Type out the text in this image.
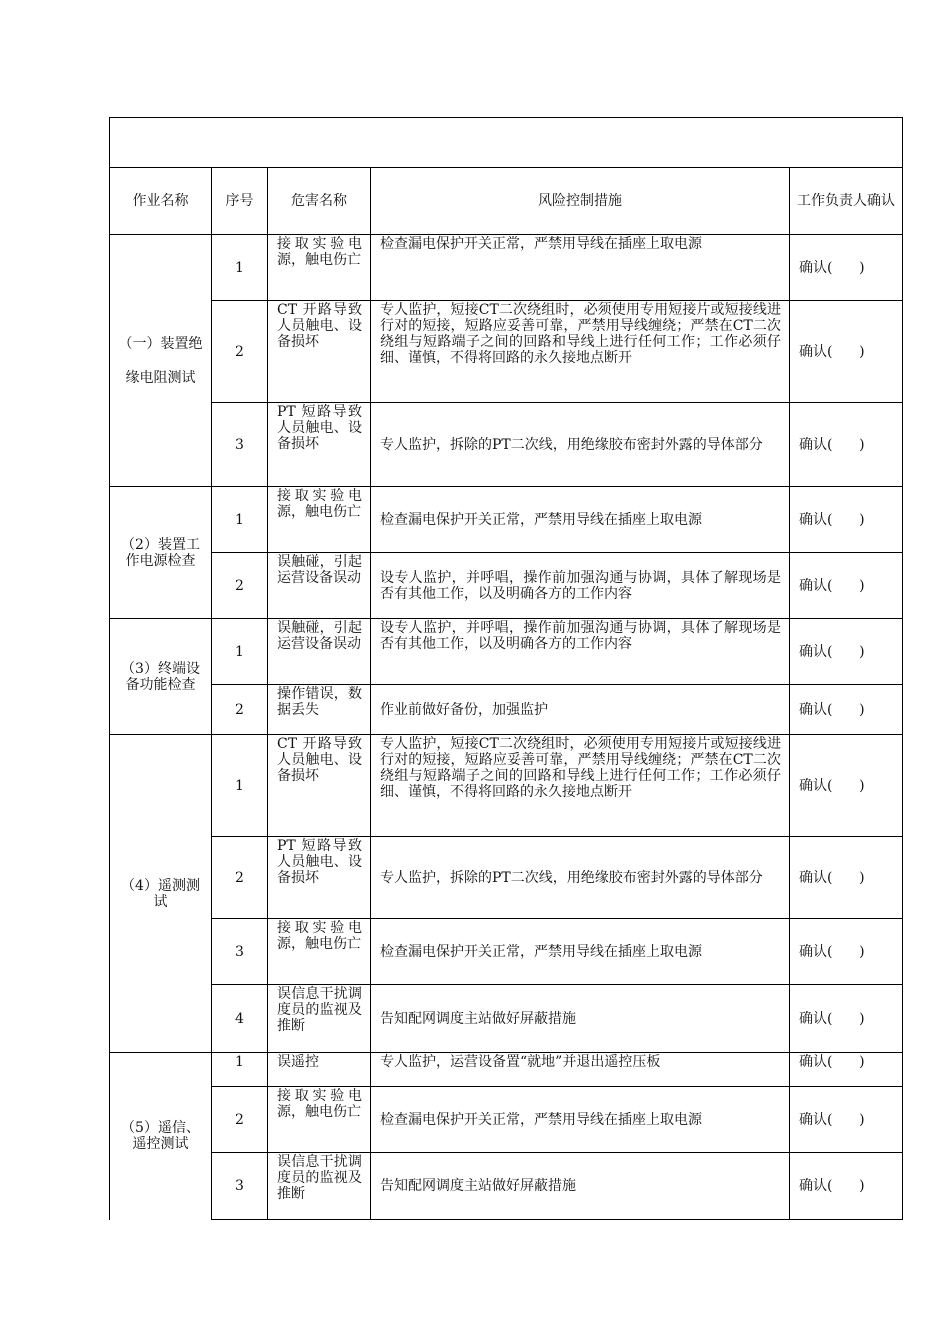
作业名称	序号	危害名称	风险控制措施	工作负责人确认
（一）装置绝缘电阻测试	1	接取实验电源，触电伤亡	检查漏电保护开关正常，严禁用导线在插座上取电源	确认(      )
	2	CT 开路导致人员触电、设备损坏	专人监护，短接CT二次绕组时，必须使用专用短接片或短接线进行对的短接，短路应妥善可靠，严禁用导线缠绕；严禁在CT二次绕组与短路端子之间的回路和导线上进行任何工作；工作必须仔细、谨慎，不得将回路的永久接地点断开	确认(      )
	3	PT 短路导致人员触电、设备损坏	专人监护，拆除的PT二次线，用绝缘胶布密封外露的导体部分	确认(      )
（2）装置工作电源检查	1	接取实验电源，触电伤亡	检查漏电保护开关正常，严禁用导线在插座上取电源	确认(      )
	2	误触碰，引起运营设备误动	设专人监护，并呼唱，操作前加强沟通与协调，具体了解现场是否有其他工作，以及明确各方的工作内容	确认(      )
（3）终端设备功能检查	1	误触碰，引起运营设备误动	设专人监护，并呼唱，操作前加强沟通与协调，具体了解现场是否有其他工作，以及明确各方的工作内容	确认(      )
	2	操作错误，数据丢失	作业前做好备份，加强监护	确认(      )
（4）遥测测试	1	CT 开路导致人员触电、设备损坏	专人监护，短接CT二次绕组时，必须使用专用短接片或短接线进行对的短接，短路应妥善可靠，严禁用导线缠绕；严禁在CT二次绕组与短路端子之间的回路和导线上进行任何工作；工作必须仔细、谨慎，不得将回路的永久接地点断开	确认(      )
	2	PT 短路导致人员触电、设备损坏	专人监护，拆除的PT二次线，用绝缘胶布密封外露的导体部分	确认(      )
	3	接取实验电源，触电伤亡	检查漏电保护开关正常，严禁用导线在插座上取电源	确认(      )
	4	误信息干扰调度员的监视及推断	告知配网调度主站做好屏蔽措施	确认(      )
（5）遥信、遥控测试	1	误遥控	专人监护，运营设备置“就地”并退出遥控压板	确认(      )
	2	接取实验电源，触电伤亡	检查漏电保护开关正常，严禁用导线在插座上取电源	确认(      )
	3	误信息干扰调度员的监视及推断	告知配网调度主站做好屏蔽措施	确认(      )
